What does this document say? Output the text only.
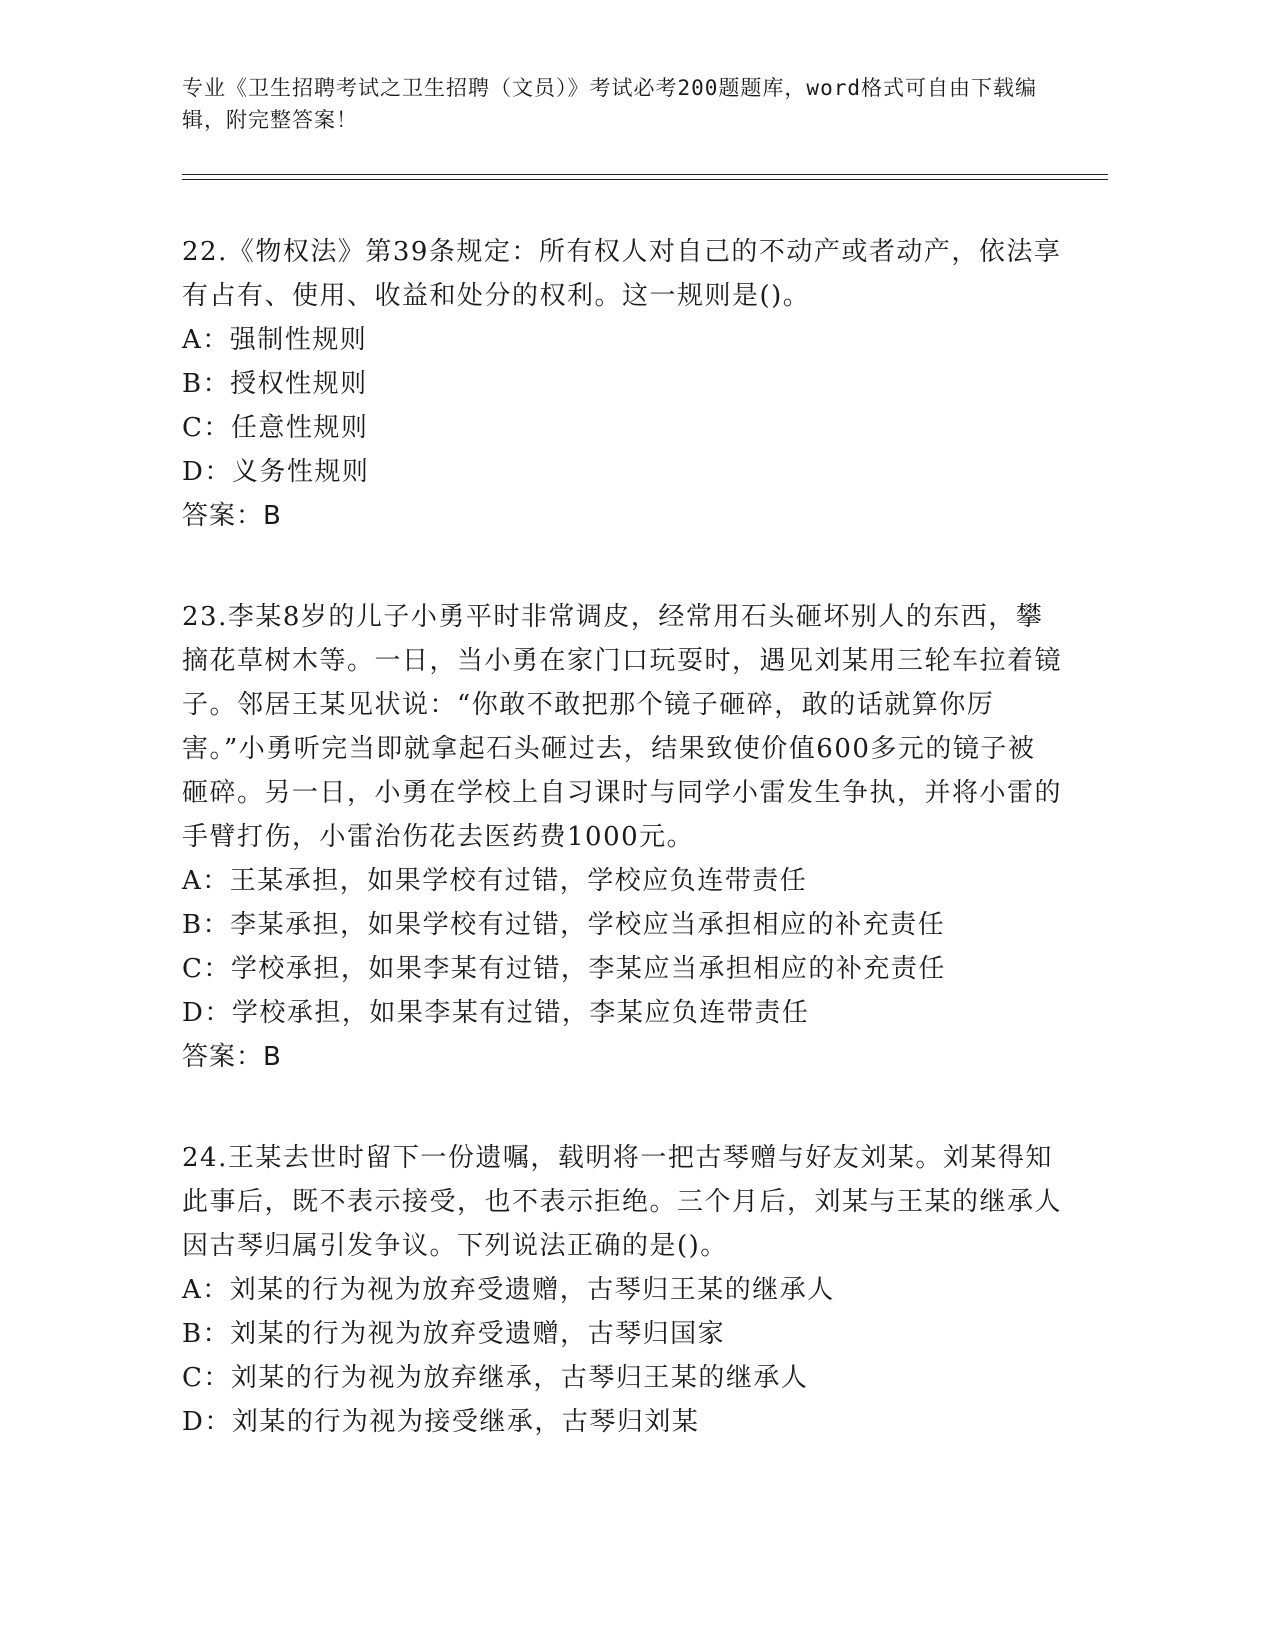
专业《卫生招聘考试之卫生招聘（文员）》考试必考200题题库，word格式可自由下载编辑，附完整答案！
22.《物权法》第39条规定：所有权人对自己的不动产或者动产，依法享有占有、使用、收益和处分的权利。这一规则是()。
A：强制性规则
B：授权性规则
C：任意性规则
D：义务性规则
答案：B
23.李某8岁的儿子小勇平时非常调皮，经常用石头砸坏别人的东西，攀摘花草树木等。一日，当小勇在家门口玩耍时，遇见刘某用三轮车拉着镜子。邻居王某见状说：“你敢不敢把那个镜子砸碎，敢的话就算你厉害。”小勇听完当即就拿起石头砸过去，结果致使价值600多元的镜子被砸碎。另一日，小勇在学校上自习课时与同学小雷发生争执，并将小雷的手臂打伤，小雷治伤花去医药费1000元。
A：王某承担，如果学校有过错，学校应负连带责任
B：李某承担，如果学校有过错，学校应当承担相应的补充责任
C：学校承担，如果李某有过错，李某应当承担相应的补充责任
D：学校承担，如果李某有过错，李某应负连带责任
答案：B
24.王某去世时留下一份遗嘱，载明将一把古琴赠与好友刘某。刘某得知此事后，既不表示接受，也不表示拒绝。三个月后，刘某与王某的继承人因古琴归属引发争议。下列说法正确的是()。
A：刘某的行为视为放弃受遗赠，古琴归王某的继承人
B：刘某的行为视为放弃受遗赠，古琴归国家
C：刘某的行为视为放弃继承，古琴归王某的继承人
D：刘某的行为视为接受继承，古琴归刘某
